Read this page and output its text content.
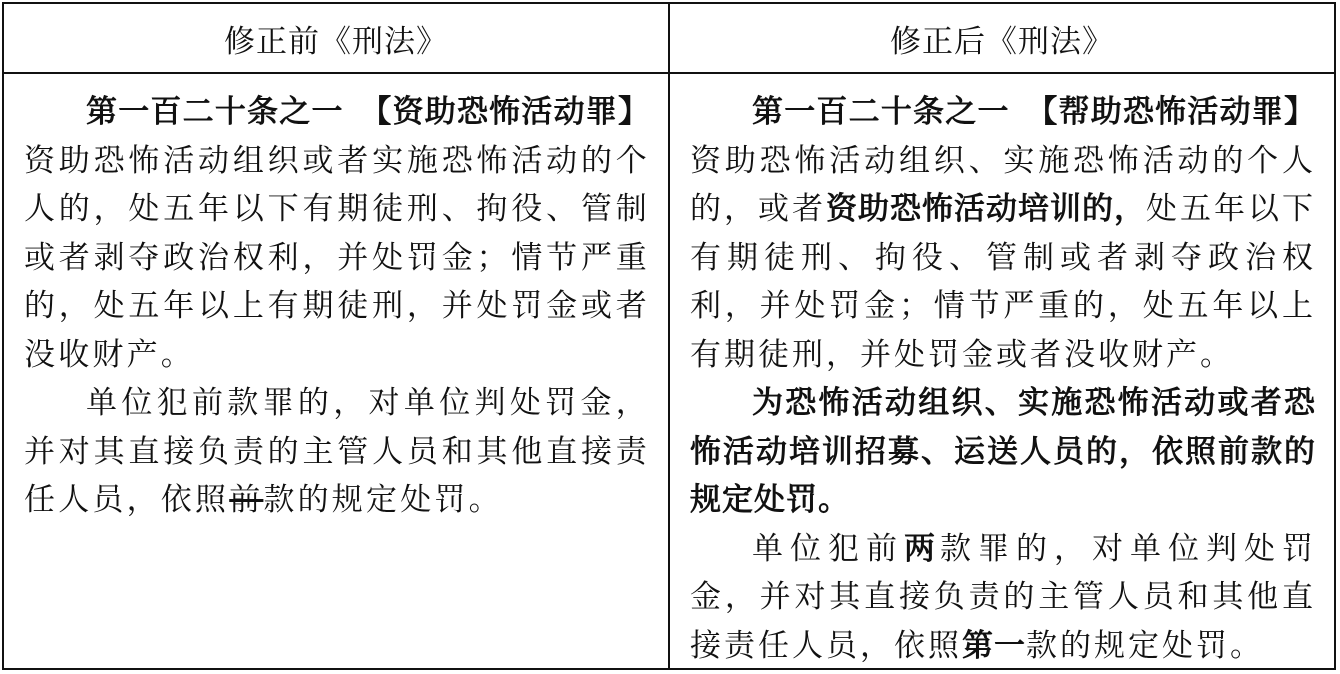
修正前《刑法》	修正后《刑法》

第一百二十条之一　【资助恐怖活动罪】资助恐怖活动组织或者实施恐怖活动的个人的，处五年以下有期徒刑、拘役、管制或者剥夺政治权利，并处罚金；情节严重的，处五年以上有期徒刑，并处罚金或者没收财产。

单位犯前款罪的，对单位判处罚金，并对其直接负责的主管人员和其他直接责任人员，依照前款的规定处罚。

第一百二十条之一　【帮助恐怖活动罪】资助恐怖活动组织、实施恐怖活动的个人的，或者资助恐怖活动培训的，处五年以下有期徒刑、拘役、管制或者剥夺政治权利，并处罚金；情节严重的，处五年以上有期徒刑，并处罚金或者没收财产。

为恐怖活动组织、实施恐怖活动或者恐怖活动培训招募、运送人员的，依照前款的规定处罚。

单位犯前两款罪的，对单位判处罚金，并对其直接负责的主管人员和其他直接责任人员，依照第一款的规定处罚。
